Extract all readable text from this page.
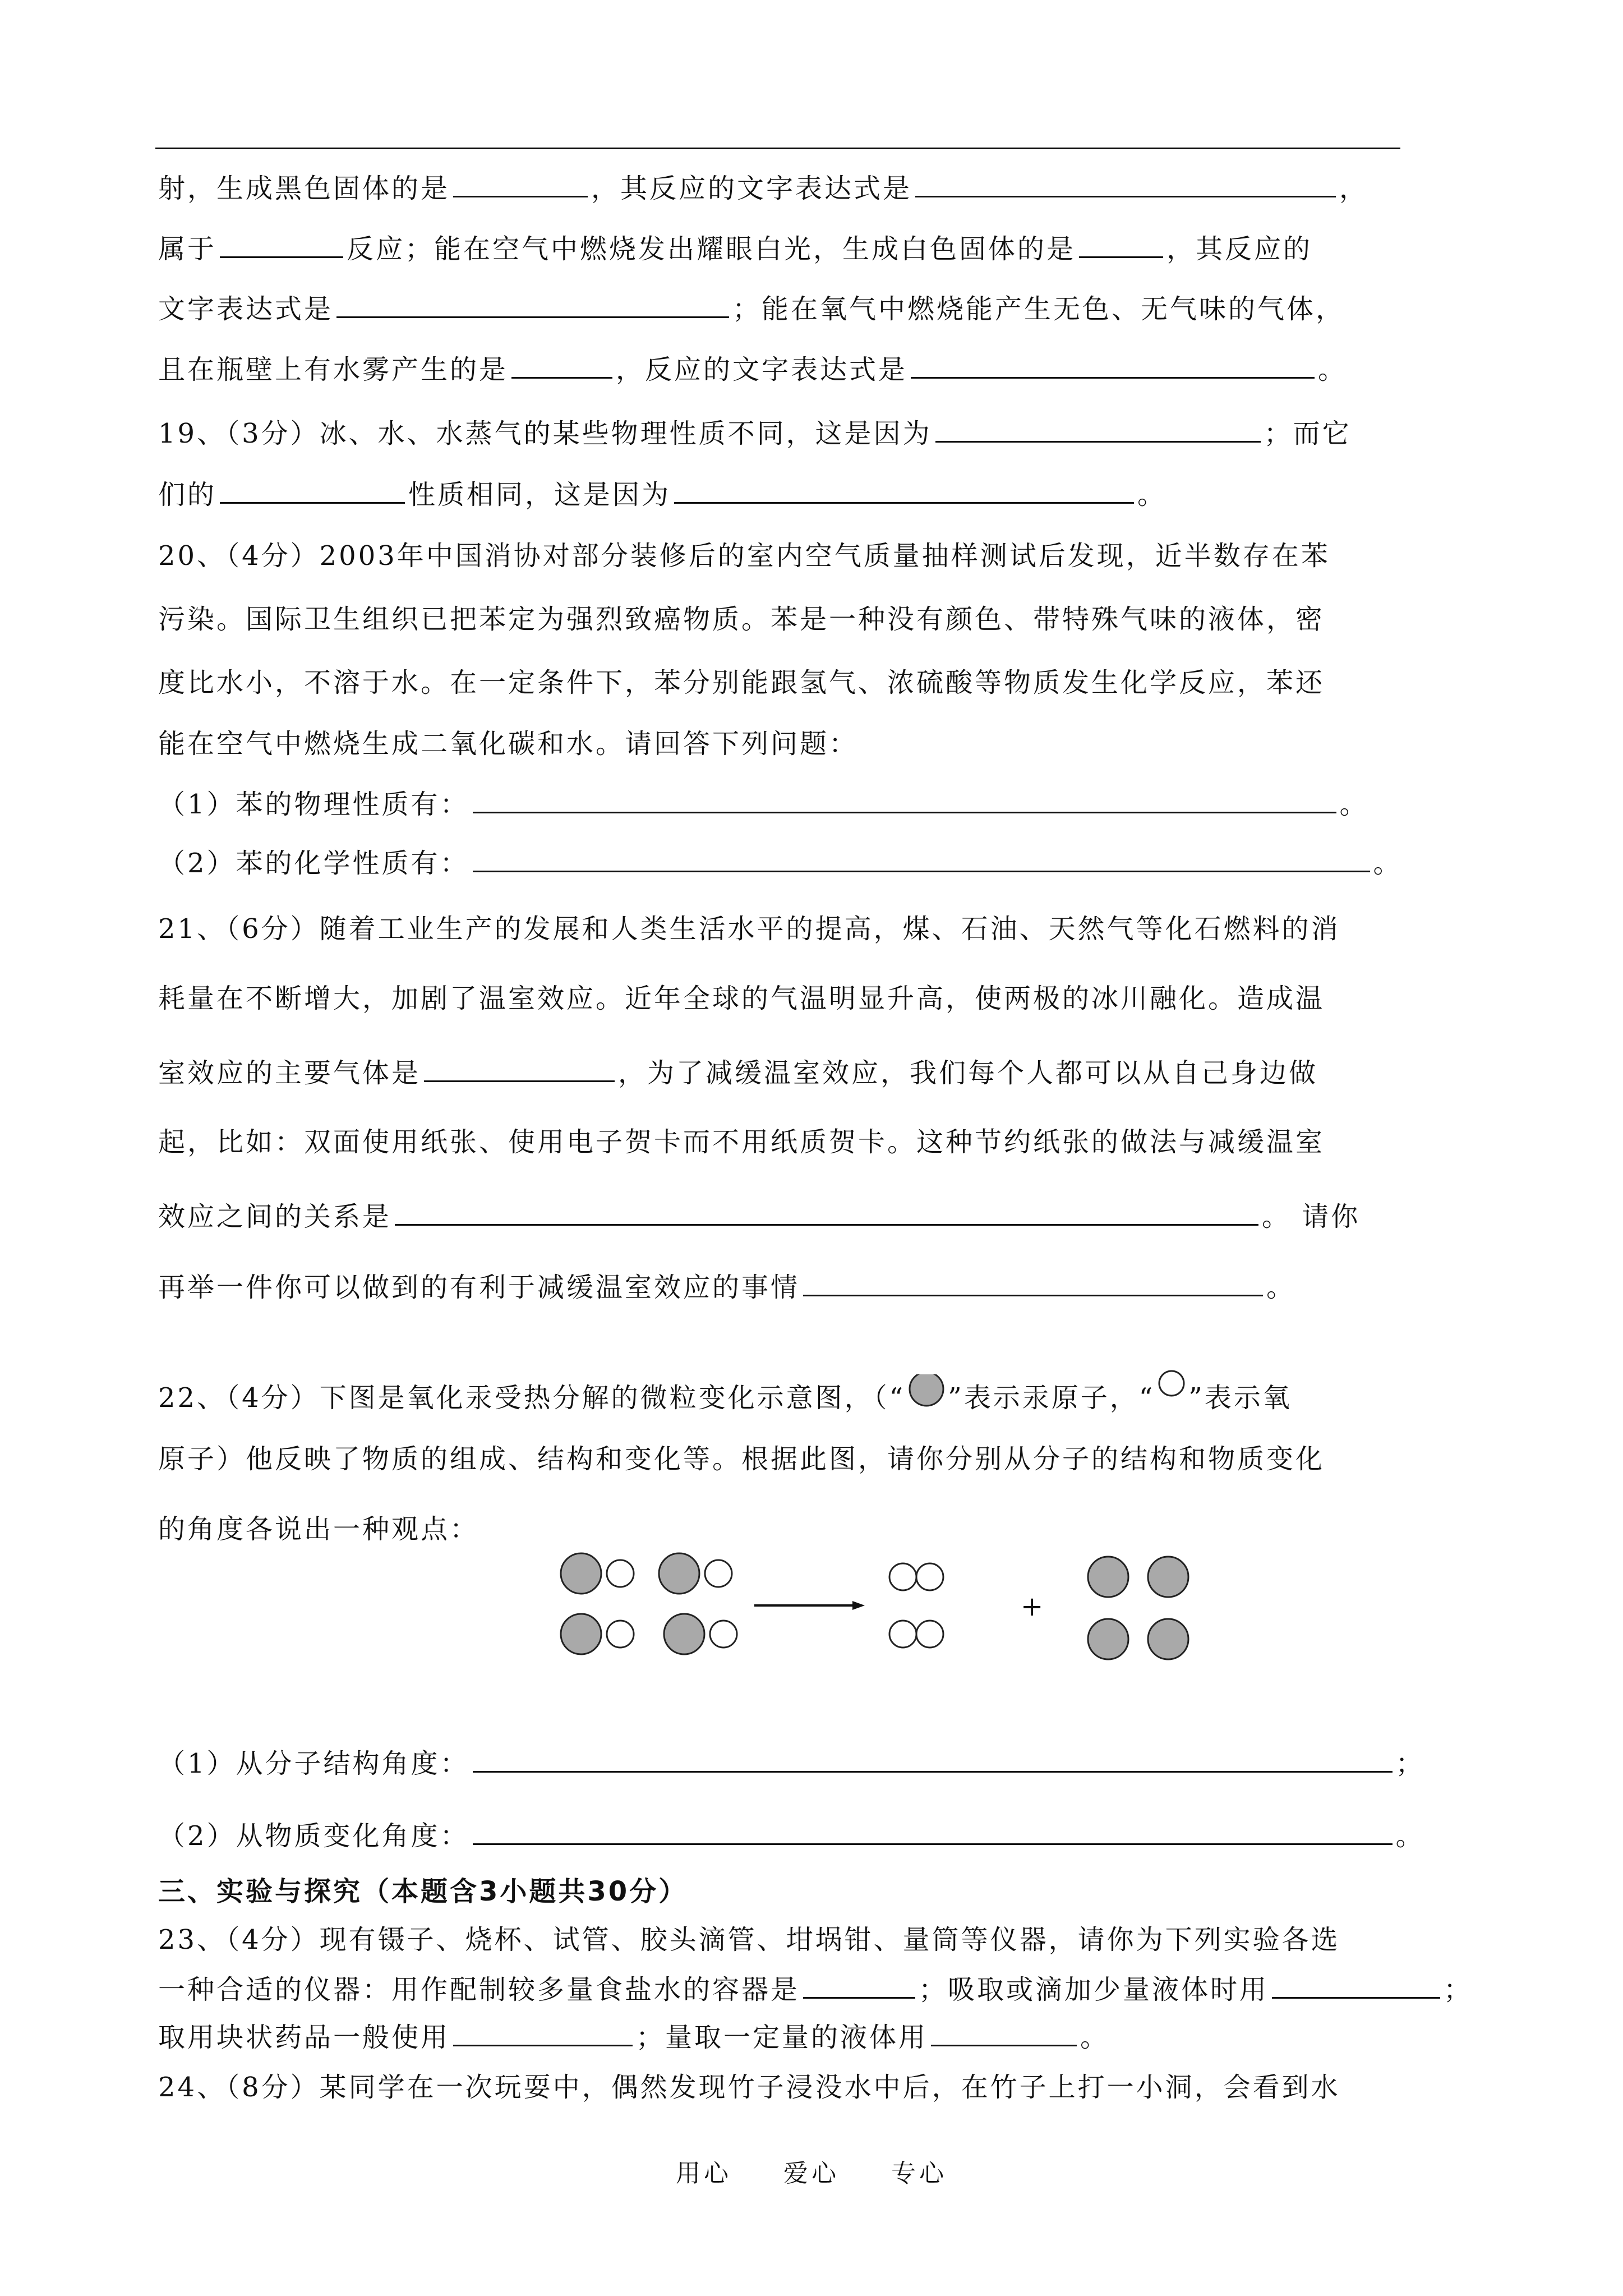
射，生成黑色固体的是	，其反应的文字表达式是	，
属于	反应；能在空气中燃烧发出耀眼白光，生成白色固体的是	，其反应的
文字表达式是	；能在氧气中燃烧能产生无色、无气味的气体，
且在瓶壁上有水雾产生的是	，反应的文字表达式是	。
19、（3分）冰、水、水蒸气的某些物理性质不同，这是因为	；而它
们的	性质相同，这是因为	。
20、（4分）2003年中国消协对部分装修后的室内空气质量抽样测试后发现，近半数存在苯
污染。国际卫生组织已把苯定为强烈致癌物质。苯是一种没有颜色、带特殊气味的液体，密
度比水小，不溶于水。在一定条件下，苯分别能跟氢气、浓硫酸等物质发生化学反应，苯还
能在空气中燃烧生成二氧化碳和水。请回答下列问题：
（1）苯的物理性质有：	。
（2）苯的化学性质有：	。
21、（6分）随着工业生产的发展和人类生活水平的提高，煤、石油、天然气等化石燃料的消
耗量在不断增大，加剧了温室效应。近年全球的气温明显升高，使两极的冰川融化。造成温
室效应的主要气体是	，为了减缓温室效应，我们每个人都可以从自己身边做
起，比如：双面使用纸张、使用电子贺卡而不用纸质贺卡。这种节约纸张的做法与减缓温室
效应之间的关系是	。 请你
再举一件你可以做到的有利于减缓温室效应的事情	。
22、（4分）下图是氧化汞受热分解的微粒变化示意图，（“ ”表示汞原子，“ ”表示氧
原子）他反映了物质的组成、结构和变化等。根据此图，请你分别从分子的结构和物质变化
的角度各说出一种观点：
+
（1）从分子结构角度：	；
（2）从物质变化角度：	。
三、实验与探究（本题含3小题共30分）
23、（4分）现有镊子、烧杯、试管、胶头滴管、坩埚钳、量筒等仪器，请你为下列实验各选
一种合适的仪器：用作配制较多量食盐水的容器是	；吸取或滴加少量液体时用	；
取用块状药品一般使用	；量取一定量的液体用	。
24、（8分）某同学在一次玩耍中，偶然发现竹子浸没水中后，在竹子上打一小洞，会看到水
用心 爱心 专心
